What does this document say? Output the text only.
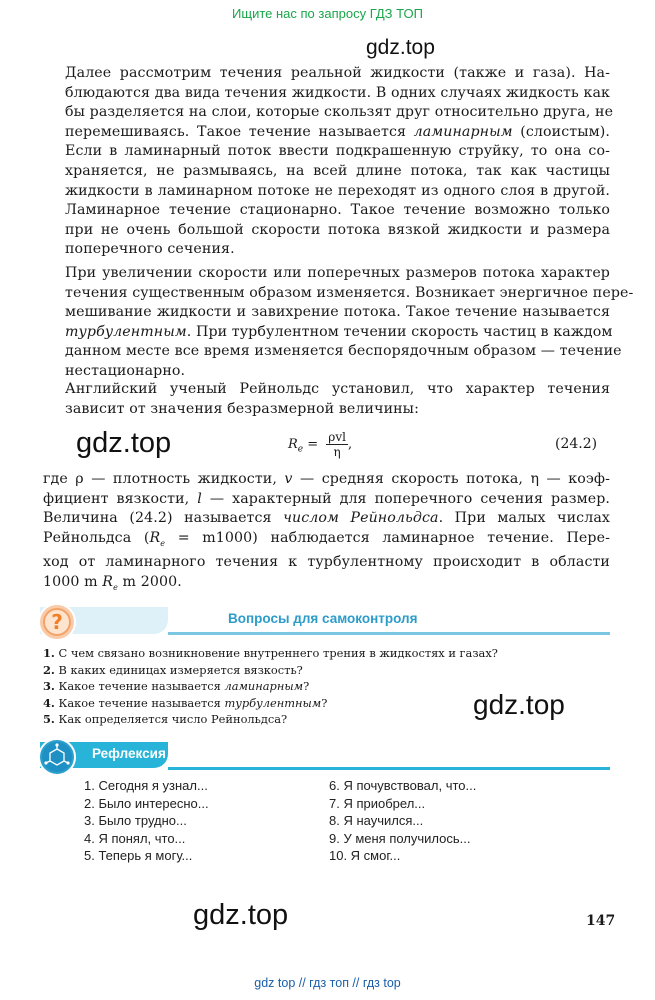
Ищите нас по запросу ГДЗ ТОП
gdz.top

Далее рассмотрим течения реальной жидкости (также и газа). На-
блюдаются два вида течения жидкости. В одних случаях жидкость как
бы разделяется на слои, которые скользят друг относительно друга, не
перемешиваясь. Такое течение называется ламинарным (слоистым).
Если в ламинарный поток ввести подкрашенную струйку, то она со-
храняется, не размываясь, на всей длине потока, так как частицы
жидкости в ламинарном потоке не переходят из одного слоя в другой.
Ламинарное течение стационарно. Такое течение возможно только
при не очень большой скорости потока вязкой жидкости и размера
поперечного сечения.

При увеличении скорости или поперечных размеров потока характер
течения существенным образом изменяется. Возникает энергичное пере-
мешивание жидкости и завихрение потока. Такое течение называется
турбулентным. При турбулентном течении скорость частиц в каждом
данном месте все время изменяется беспорядочным образом — течение
нестационарно.

Английский ученый Рейнольдс установил, что характер течения
зависит от значения безразмерной величины:

gdz.top	$R_e = \frac{\text{ρvl}}{\eta}$ ,	(24.2)

где ρ — плотность жидкости, v — средняя скорость потока, η — коэф-
фициент вязкости, l — характерный для поперечного сечения размер.
Величина (24.2) называется числом Рейнольдса. При малых числах
Рейнольдса $(R_e = m1000)$ наблюдается ламинарное течение. Пере-
ход от ламинарного течения к турбулентному происходит в области
1000 m $R_e$ m 2000.

?	Вопросы для самоконтроля
1. С чем связано возникновение внутреннего трения в жидкостях и газах?
2. В каких единицах измеряется вязкость?
3. Какое течение называется ламинарным?
4. Какое течение называется турбулентным?
5. Как определяется число Рейнольдса?	gdz.top
Рефлексия
1. Сегодня я узнал...
2. Было интересно...
3. Было трудно...
4. Я понял, что...
5. Теперь я могу...
6. Я почувствовал, что...
7. Я приобрел...
8. Я научился...
9. У меня получилось...
10. Я смог...
gdz.top	147
gdz top // гдз топ // гдз top
